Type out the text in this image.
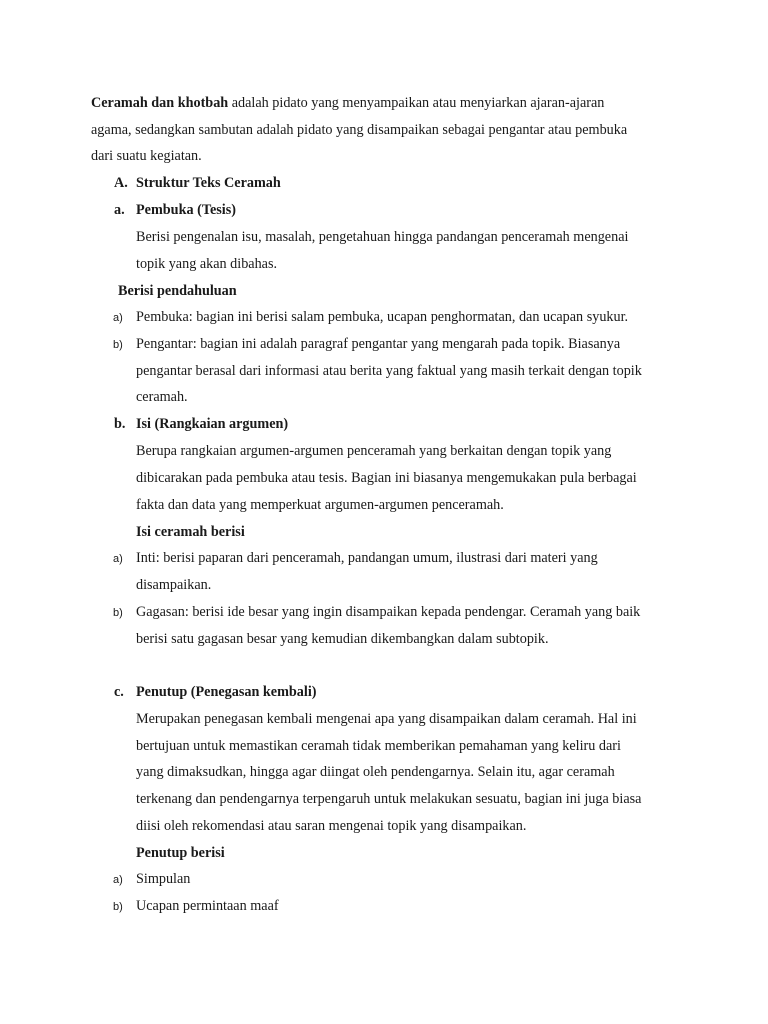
Ceramah dan khotbah adalah pidato yang menyampaikan atau menyiarkan ajaran-ajaran
agama, sedangkan sambutan adalah pidato yang disampaikan sebagai pengantar atau pembuka
dari suatu kegiatan.
A. Struktur Teks Ceramah
a. Pembuka (Tesis)
Berisi pengenalan isu, masalah, pengetahuan hingga pandangan penceramah mengenai
topik yang akan dibahas.
Berisi pendahuluan
a) Pembuka: bagian ini berisi salam pembuka, ucapan penghormatan, dan ucapan syukur.
b) Pengantar: bagian ini adalah paragraf pengantar yang mengarah pada topik. Biasanya
pengantar berasal dari informasi atau berita yang faktual yang masih terkait dengan topik
ceramah.
b. Isi (Rangkaian argumen)
Berupa rangkaian argumen-argumen penceramah yang berkaitan dengan topik yang
dibicarakan pada pembuka atau tesis. Bagian ini biasanya mengemukakan pula berbagai
fakta dan data yang memperkuat argumen-argumen penceramah.
Isi ceramah berisi
a) Inti: berisi paparan dari penceramah, pandangan umum, ilustrasi dari materi yang
disampaikan.
b) Gagasan: berisi ide besar yang ingin disampaikan kepada pendengar. Ceramah yang baik
berisi satu gagasan besar yang kemudian dikembangkan dalam subtopik.
c. Penutup (Penegasan kembali)
Merupakan penegasan kembali mengenai apa yang disampaikan dalam ceramah. Hal ini
bertujuan untuk memastikan ceramah tidak memberikan pemahaman yang keliru dari
yang dimaksudkan, hingga agar diingat oleh pendengarnya. Selain itu, agar ceramah
terkenang dan pendengarnya terpengaruh untuk melakukan sesuatu, bagian ini juga biasa
diisi oleh rekomendasi atau saran mengenai topik yang disampaikan.
Penutup berisi
a) Simpulan
b) Ucapan permintaan maaf
